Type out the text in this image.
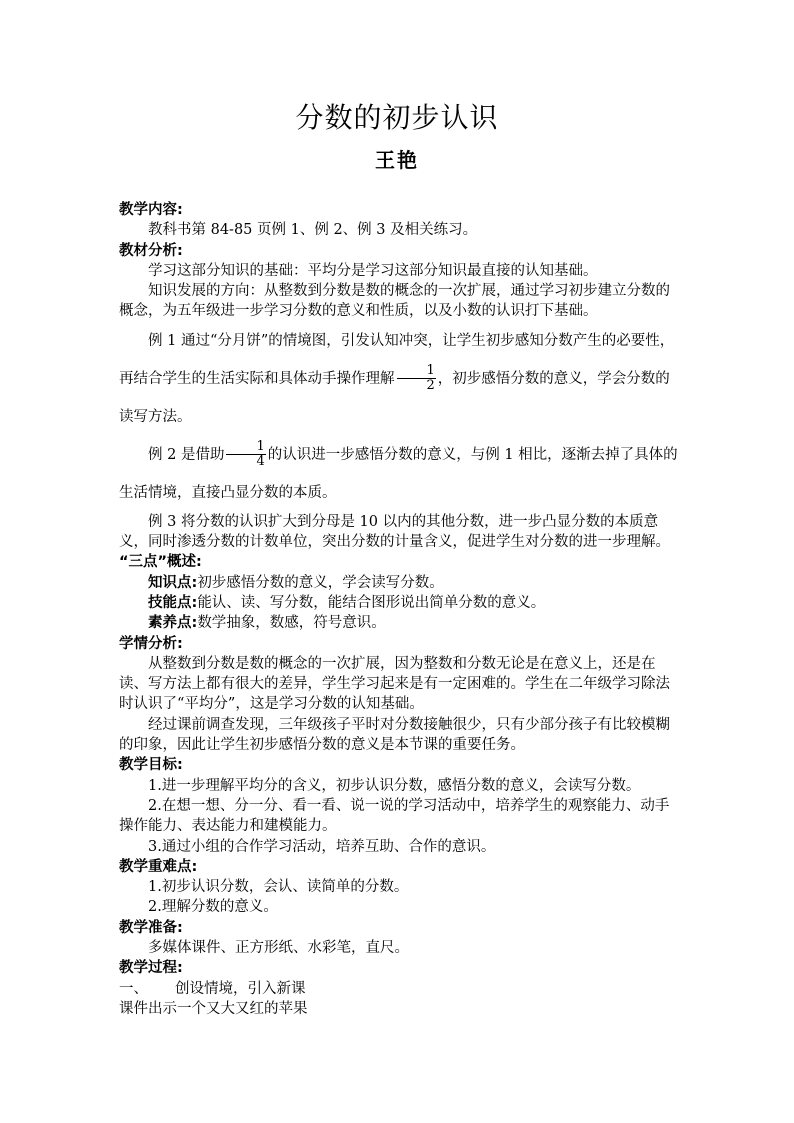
分数的初步认识
王艳

教学内容:

教科书第 84-85 页例 1、例 2、例 3 及相关练习。

教材分析:

学习这部分知识的基础：平均分是学习这部分知识最直接的认知基础。

知识发展的方向：从整数到分数是数的概念的一次扩展，通过学习初步建立分数的概念，为五年级进一步学习分数的意义和性质，以及小数的认识打下基础。

例 1 通过“分月饼”的情境图，引发认知冲突，让学生初步感知分数产生的必要性，再结合学生的生活实际和具体动手操作理解 $\frac{1}{2}$ ，初步感悟分数的意义，学会分数的读写方法。

例 2 是借助 $\frac{1}{4}$ 的认识进一步感悟分数的意义，与例 1 相比，逐渐去掉了具体的生活情境，直接凸显分数的本质。

例 3 将分数的认识扩大到分母是 10 以内的其他分数，进一步凸显分数的本质意义，同时渗透分数的计数单位，突出分数的计量含义，促进学生对分数的进一步理解。

“三点”概述:

知识点:初步感悟分数的意义，学会读写分数。

技能点:能认、读、写分数，能结合图形说出简单分数的意义。

素养点:数学抽象，数感，符号意识。

学情分析:

从整数到分数是数的概念的一次扩展，因为整数和分数无论是在意义上，还是在读、写方法上都有很大的差异，学生学习起来是有一定困难的。学生在二年级学习除法时认识了“平均分”，这是学习分数的认知基础。

经过课前调查发现，三年级孩子平时对分数接触很少，只有少部分孩子有比较模糊的印象，因此让学生初步感悟分数的意义是本节课的重要任务。

教学目标:

1.进一步理解平均分的含义，初步认识分数，感悟分数的意义，会读写分数。

2.在想一想、分一分、看一看、说一说的学习活动中，培养学生的观察能力、动手操作能力、表达能力和建模能力。

3.通过小组的合作学习活动，培养互助、合作的意识。

教学重难点:

1.初步认识分数，会认、读简单的分数。

2.理解分数的意义。

教学准备:

多媒体课件、正方形纸、水彩笔，直尺。

教学过程:

一、	创设情境，引入新课

课件出示一个又大又红的苹果
